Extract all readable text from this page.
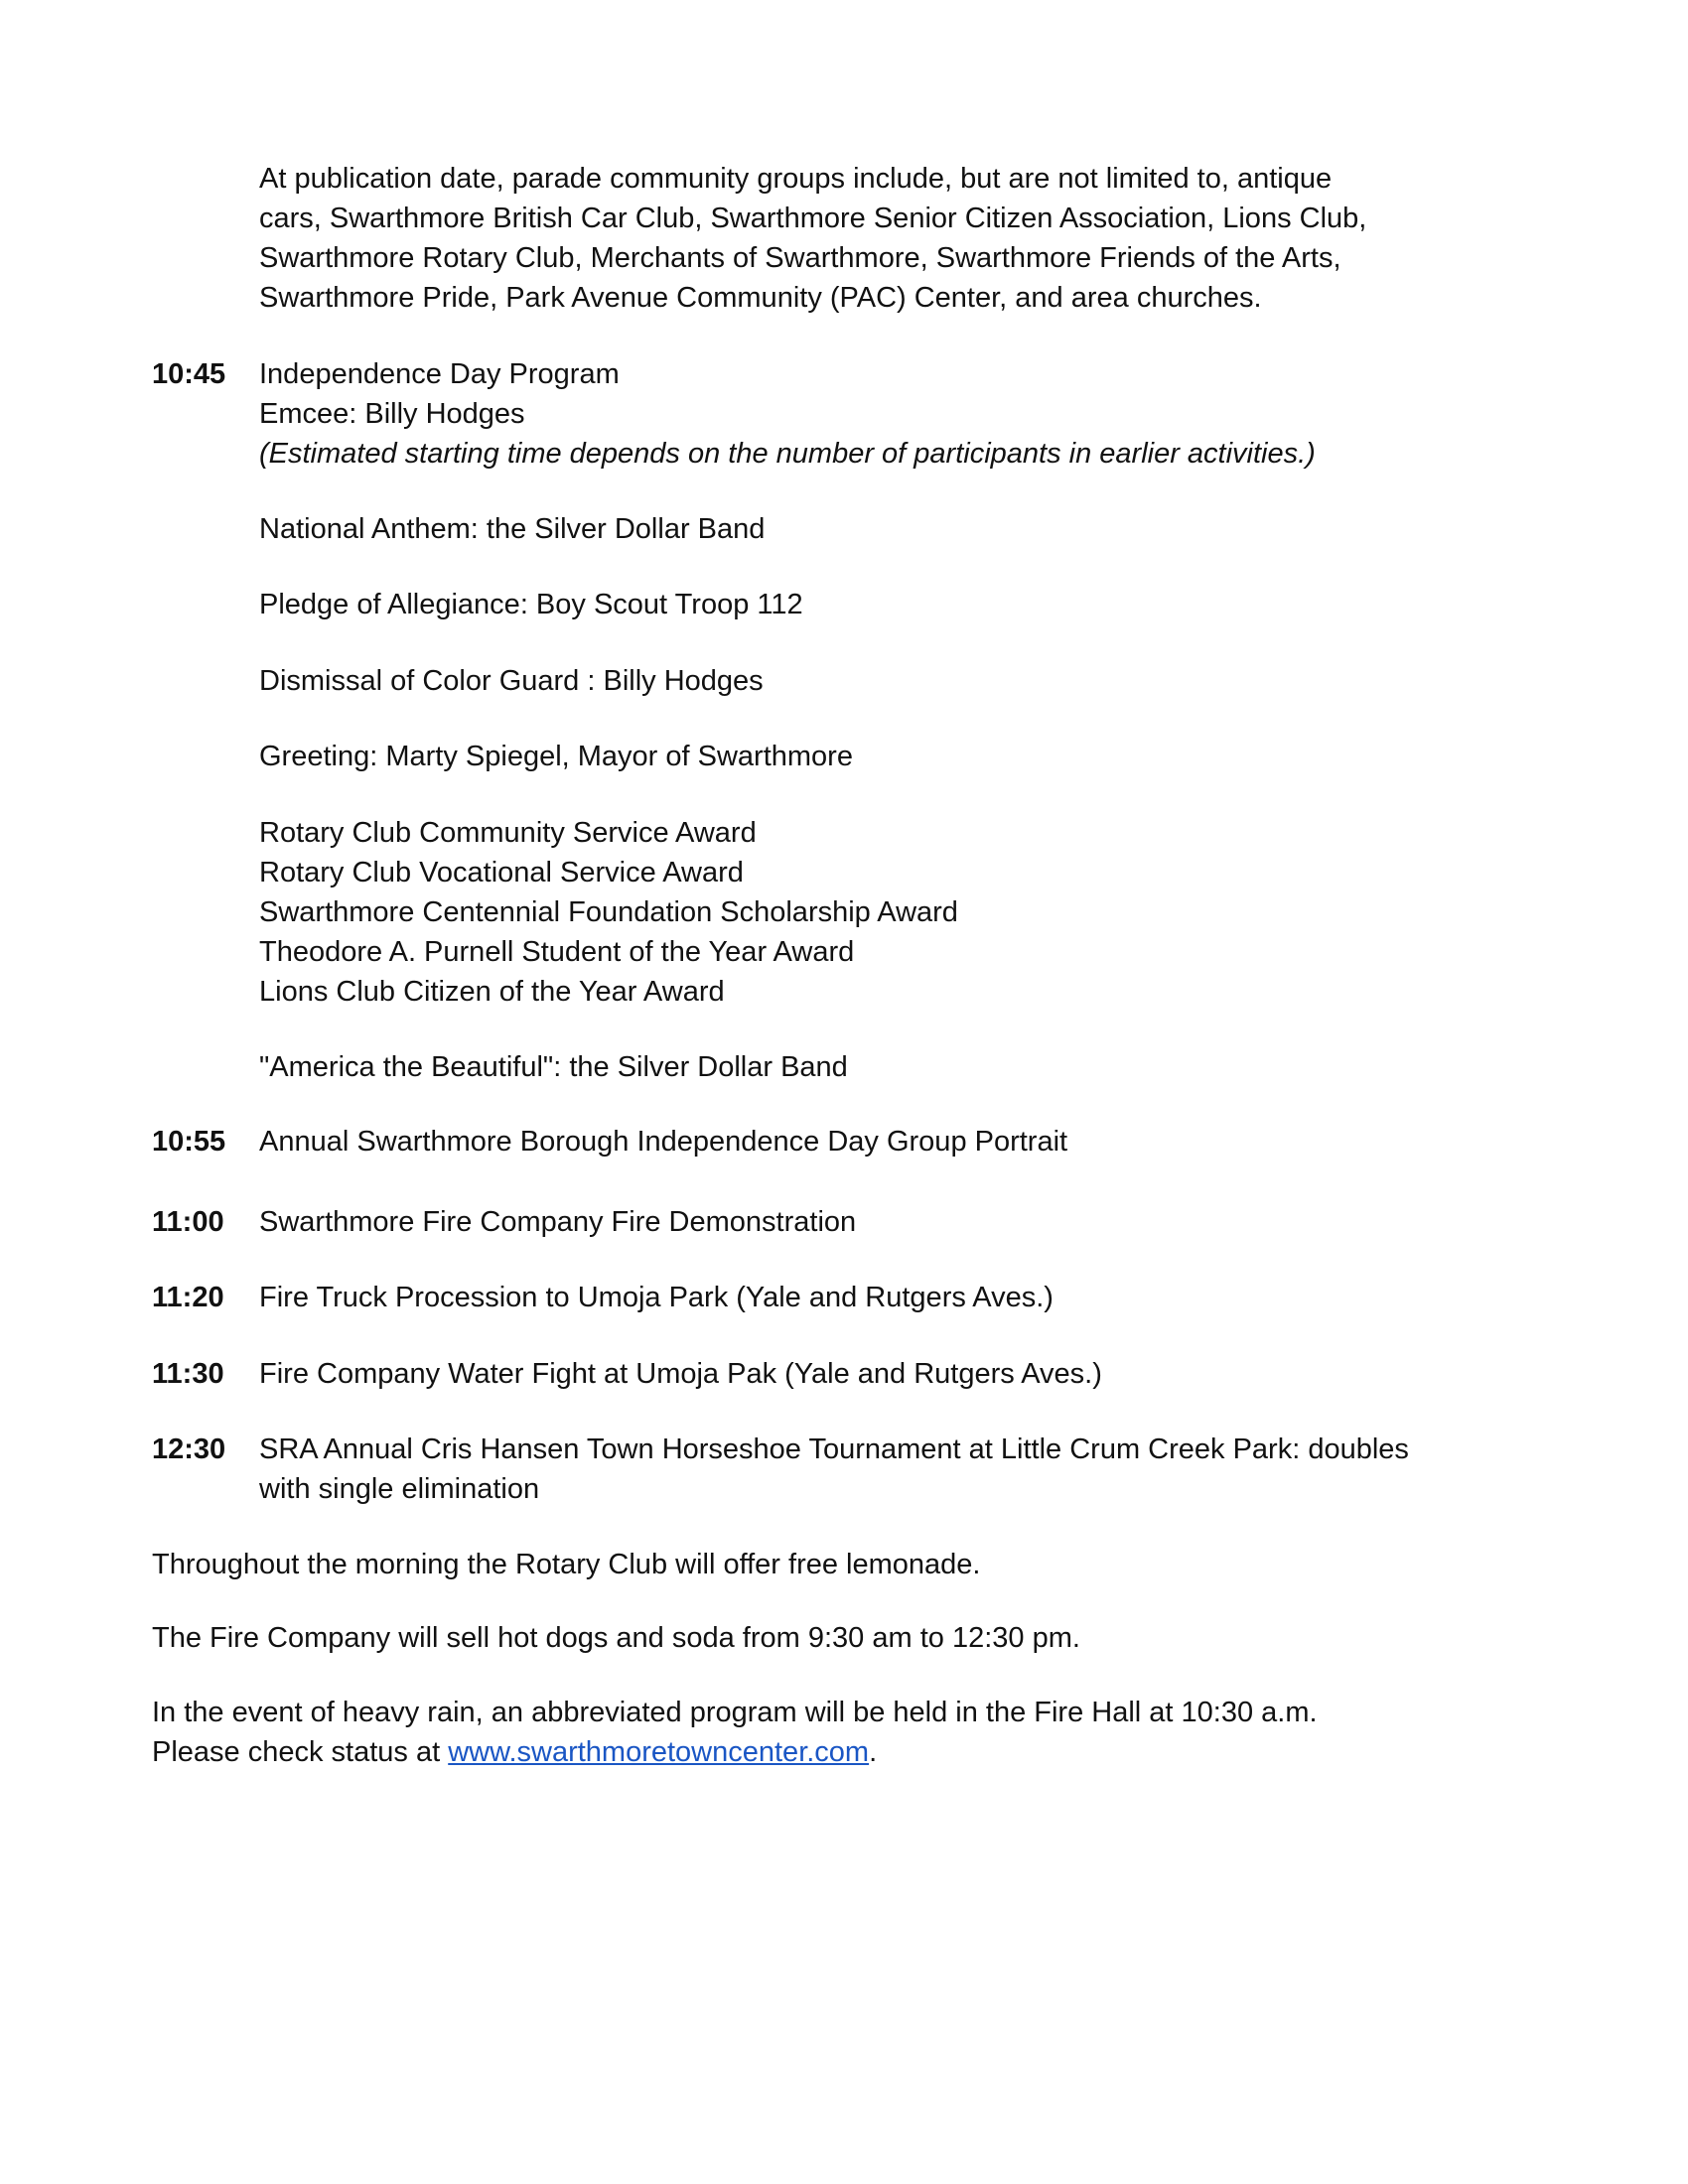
At publication date, parade community groups include, but are not limited to, antique
cars, Swarthmore British Car Club, Swarthmore Senior Citizen Association, Lions Club,
Swarthmore Rotary Club, Merchants of Swarthmore, Swarthmore Friends of the Arts,
Swarthmore Pride, Park Avenue Community (PAC) Center, and area churches.
10:45 Independence Day Program
Emcee: Billy Hodges
(Estimated starting time depends on the number of participants in earlier activities.)
National Anthem: the Silver Dollar Band
Pledge of Allegiance: Boy Scout Troop 112
Dismissal of Color Guard : Billy Hodges
Greeting: Marty Spiegel, Mayor of Swarthmore
Rotary Club Community Service Award
Rotary Club Vocational Service Award
Swarthmore Centennial Foundation Scholarship Award
Theodore A. Purnell Student of the Year Award
Lions Club Citizen of the Year Award
"America the Beautiful": the Silver Dollar Band
10:55 Annual Swarthmore Borough Independence Day Group Portrait
11:00 Swarthmore Fire Company Fire Demonstration
11:20 Fire Truck Procession to Umoja Park (Yale and Rutgers Aves.)
11:30 Fire Company Water Fight at Umoja Pak (Yale and Rutgers Aves.)
12:30 SRA Annual Cris Hansen Town Horseshoe Tournament at Little Crum Creek Park: doubles
with single elimination
Throughout the morning the Rotary Club will offer free lemonade.
The Fire Company will sell hot dogs and soda from 9:30 am to 12:30 pm.
In the event of heavy rain, an abbreviated program will be held in the Fire Hall at 10:30 a.m.
Please check status at www.swarthmoretowncenter.com.
